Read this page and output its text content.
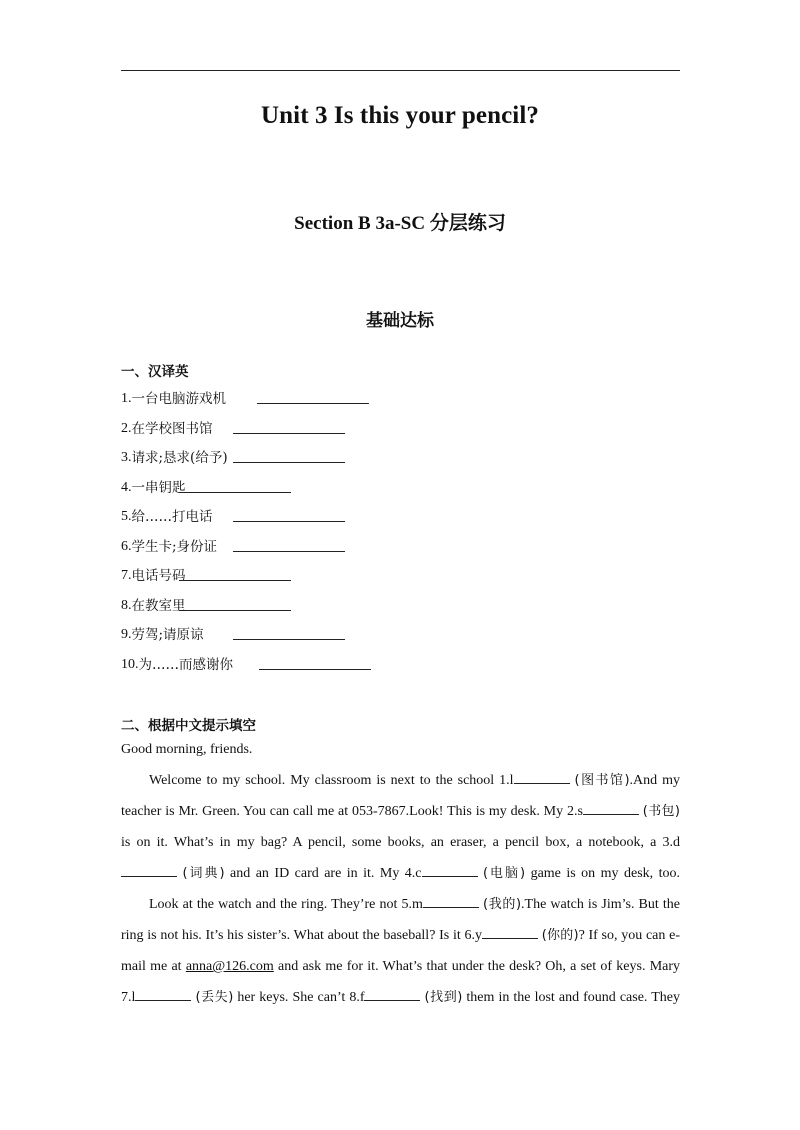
Unit 3 Is this your pencil?
Section B 3a-SC 分层练习
基础达标
一、汉译英
1. 一台电脑游戏机
2. 在学校图书馆
3. 请求;恳求(给予)
4. 一串钥匙
5. 给……打电话
6. 学生卡;身份证
7. 电话号码
8. 在教室里
9. 劳驾;请原谅
10. 为……而感谢你
二、根据中文提示填空

Good morning, friends.

Welcome to my school. My classroom is next to the school 1.l	(图书馆).And my teacher is Mr. Green. You can call me at 053-7867.Look! This is my desk. My 2.s	(书包) is on it. What’s in my bag? A pencil, some books, an eraser, a pencil box, a notebook, a 3.d (词典) and an ID card are in it. My 4.c	(电脑) game is on my desk, too.

Look at the watch and the ring. They’re not 5.m	(我的).The watch is Jim’s. But the ring is not his. It’s his sister’s. What about the baseball? Is it 6.y	(你的)? If so, you can e-mail me at anna@126.com and ask me for it. What’s that under the desk? Oh, a set of keys. Mary 7.l	(丢失) her keys. She can’t 8.f	(找到) them in the lost and found case. They
